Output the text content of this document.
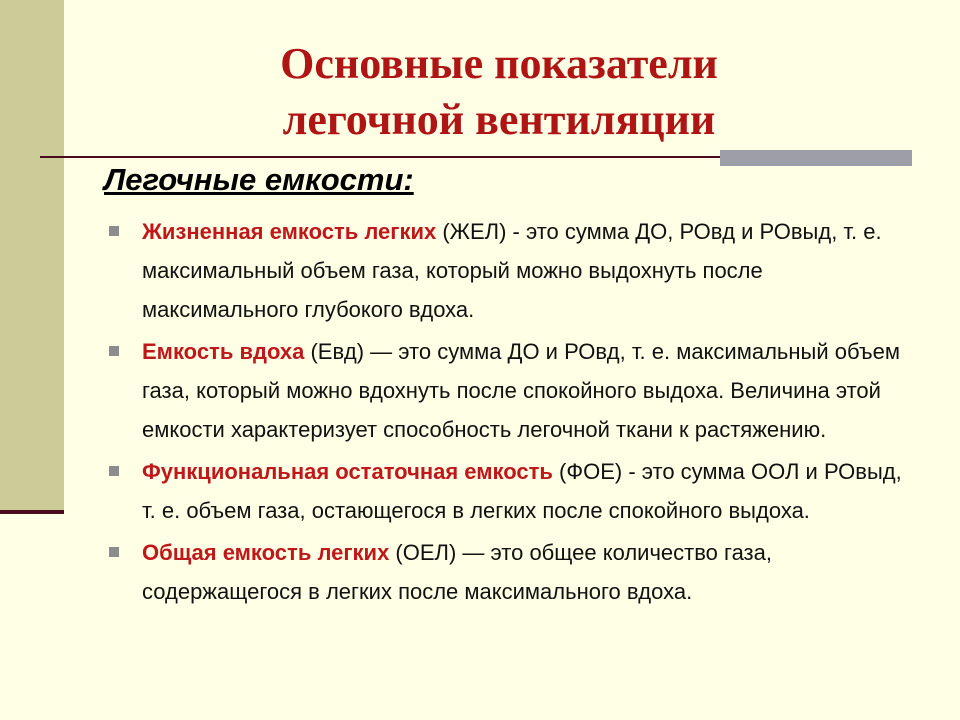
Основные показатели
легочной вентиляции
Легочные емкости:
Жизненная емкость легких (ЖЕЛ) - это сумма ДО, РОвд и РОвыд, т. е. максимальный объем газа, который можно выдохнуть после максимального глубокого вдоха.
Емкость вдоха (Евд) — это сумма ДО и РОвд, т. е. максимальный объем газа, который можно вдохнуть после спокойного выдоха. Величина этой емкости характеризует способность легочной ткани к растяжению.
Функциональная остаточная емкость (ФОЕ) - это сумма ООЛ и РОвыд, т. е. объем газа, остающегося в легких после спокойного выдоха.
Общая емкость легких (ОЕЛ) — это общее количество газа, содержащегося в легких после максимального вдоха.
